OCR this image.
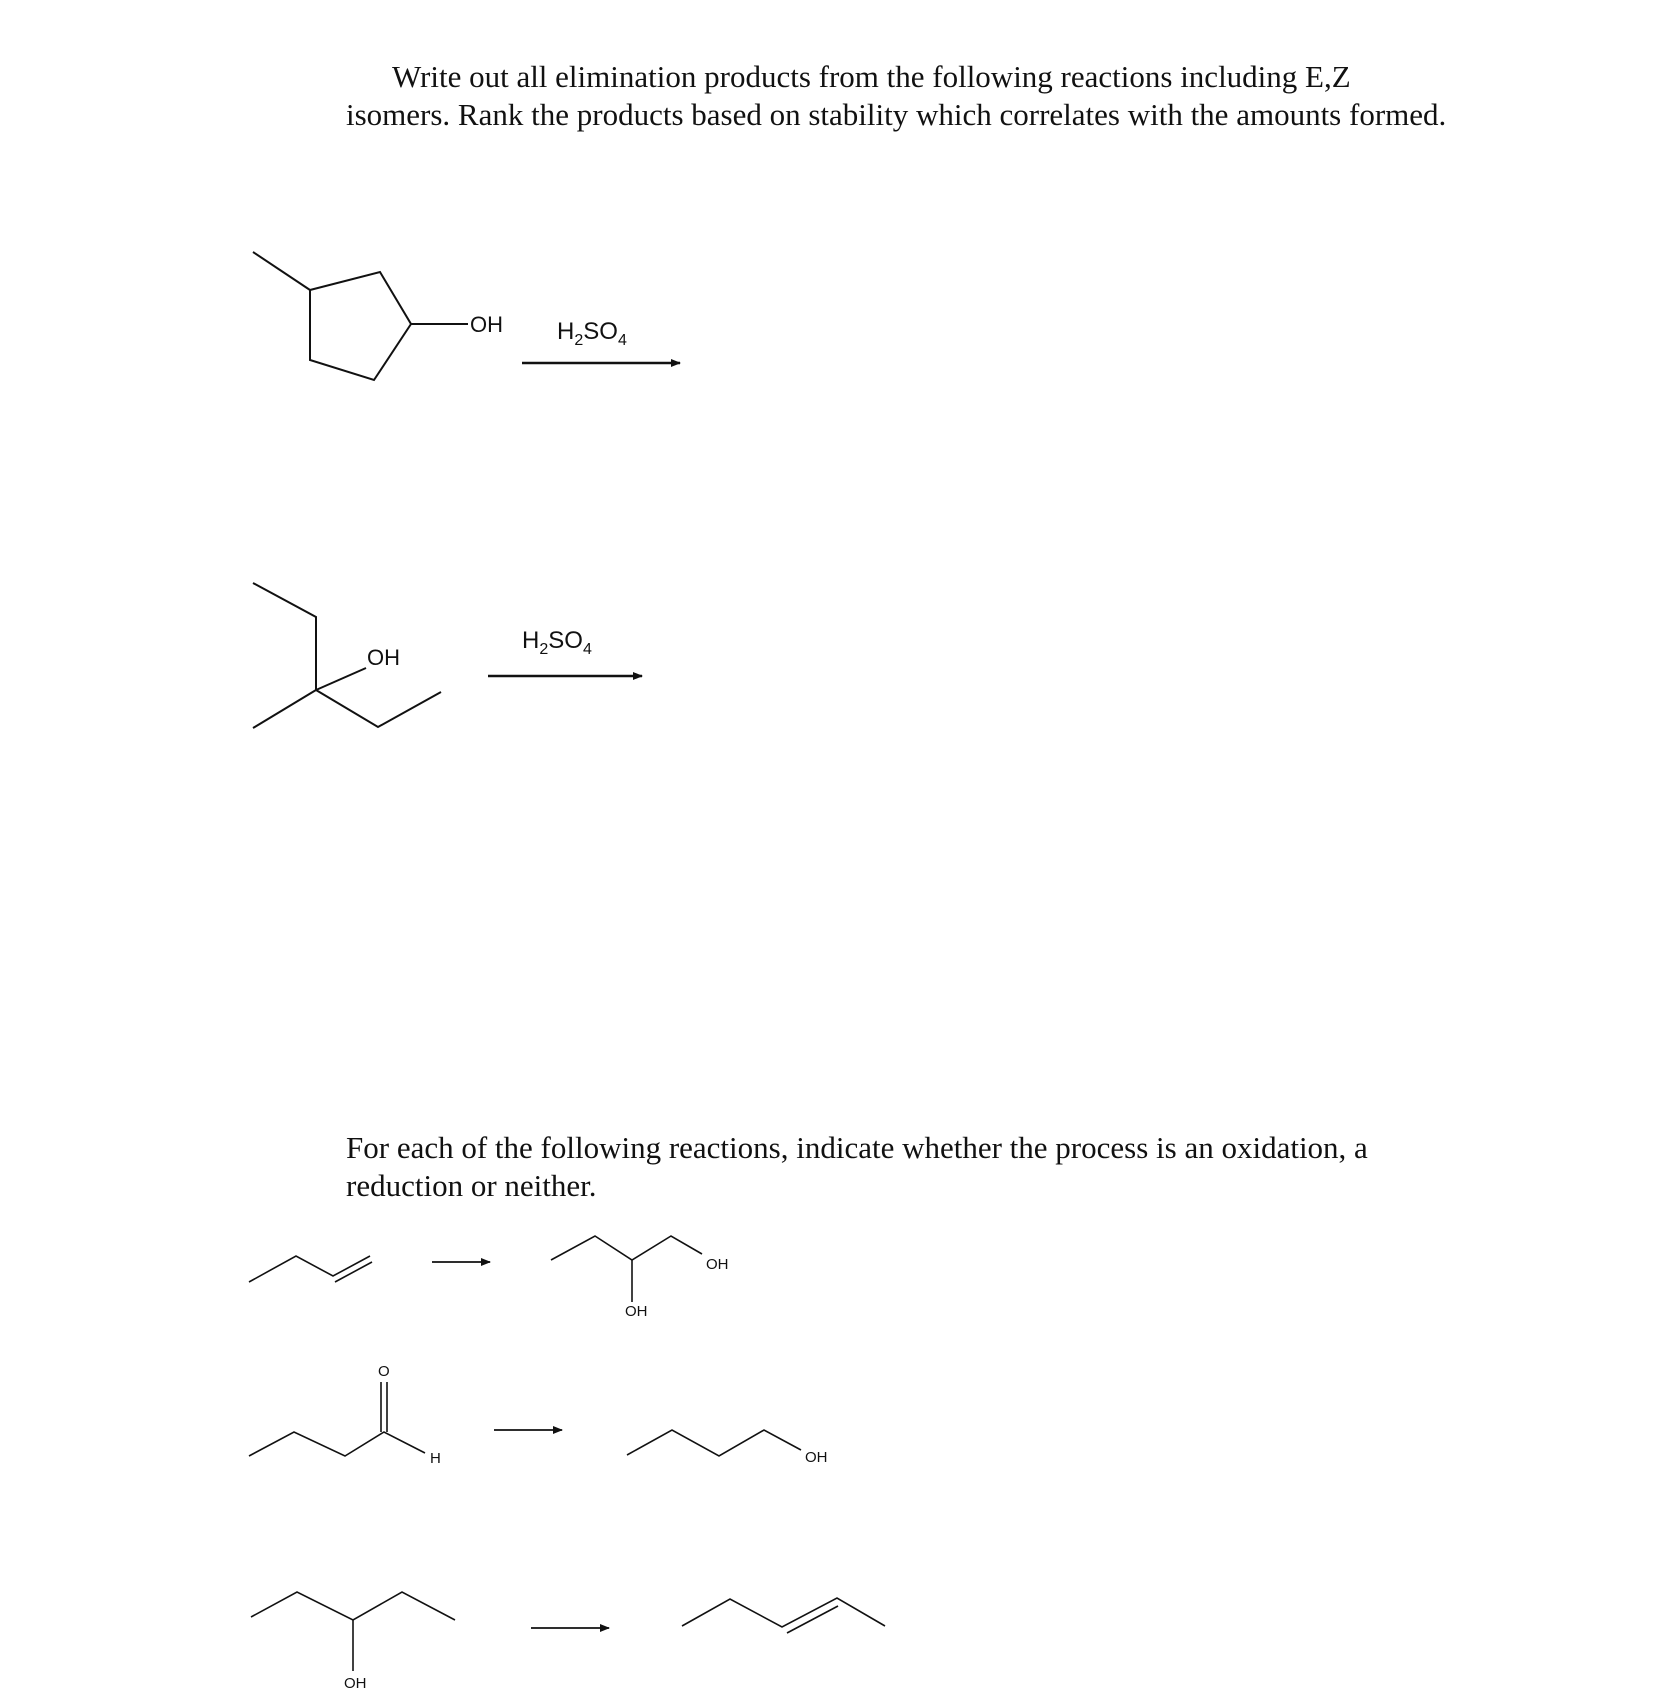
Write out all elimination products from the following reactions including E,Z isomers. Rank the products based on stability which correlates with the amounts formed.

For each of the following reactions, indicate whether the process is an oxidation, a reduction or neither.

OH $H_2SO_4$
OH
$H_2SO_4$
OH
OH
O
H	OH
OH
